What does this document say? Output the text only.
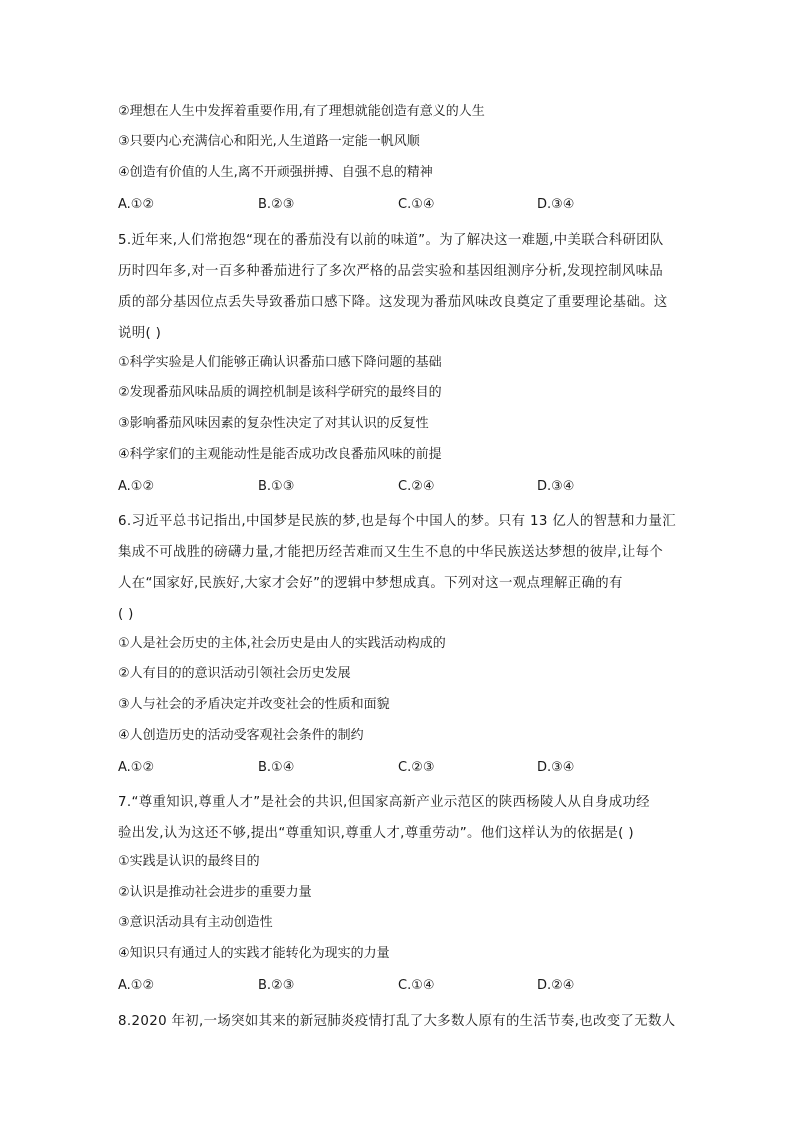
②理想在人生中发挥着重要作用,有了理想就能创造有意义的人生
③只要内心充满信心和阳光,人生道路一定能一帆风顺
④创造有价值的人生,离不开顽强拼搏、自强不息的精神
A.①②	B.②③	C.①④	D.③④
5.近年来,人们常抱怨“现在的番茄没有以前的味道”。为了解决这一难题,中美联合科研团队
历时四年多,对一百多种番茄进行了多次严格的品尝实验和基因组测序分析,发现控制风味品
质的部分基因位点丢失导致番茄口感下降。这发现为番茄风味改良奠定了重要理论基础。这
说明( )
①科学实验是人们能够正确认识番茄口感下降问题的基础
②发现番茄风味品质的调控机制是该科学研究的最终目的
③影响番茄风味因素的复杂性决定了对其认识的反复性
④科学家们的主观能动性是能否成功改良番茄风味的前提
A.①②	B.①③	C.②④	D.③④
6.习近平总书记指出,中国梦是民族的梦,也是每个中国人的梦。只有 13 亿人的智慧和力量汇
集成不可战胜的磅礴力量,才能把历经苦难而又生生不息的中华民族送达梦想的彼岸,让每个
人在“国家好,民族好,大家才会好”的逻辑中梦想成真。下列对这一观点理解正确的有
( )
①人是社会历史的主体,社会历史是由人的实践活动构成的
②人有目的的意识活动引领社会历史发展
③人与社会的矛盾决定并改变社会的性质和面貌
④人创造历史的活动受客观社会条件的制约
A.①②	B.①④	C.②③	D.③④
7.“尊重知识,尊重人才”是社会的共识,但国家高新产业示范区的陕西杨陵人从自身成功经
验出发,认为这还不够,提出“尊重知识,尊重人才,尊重劳动”。他们这样认为的依据是( )
①实践是认识的最终目的
②认识是推动社会进步的重要力量
③意识活动具有主动创造性
④知识只有通过人的实践才能转化为现实的力量
A.①②	B.②③	C.①④	D.②④
8.2020 年初,一场突如其来的新冠肺炎疫情打乱了大多数人原有的生活节奏,也改变了无数人
